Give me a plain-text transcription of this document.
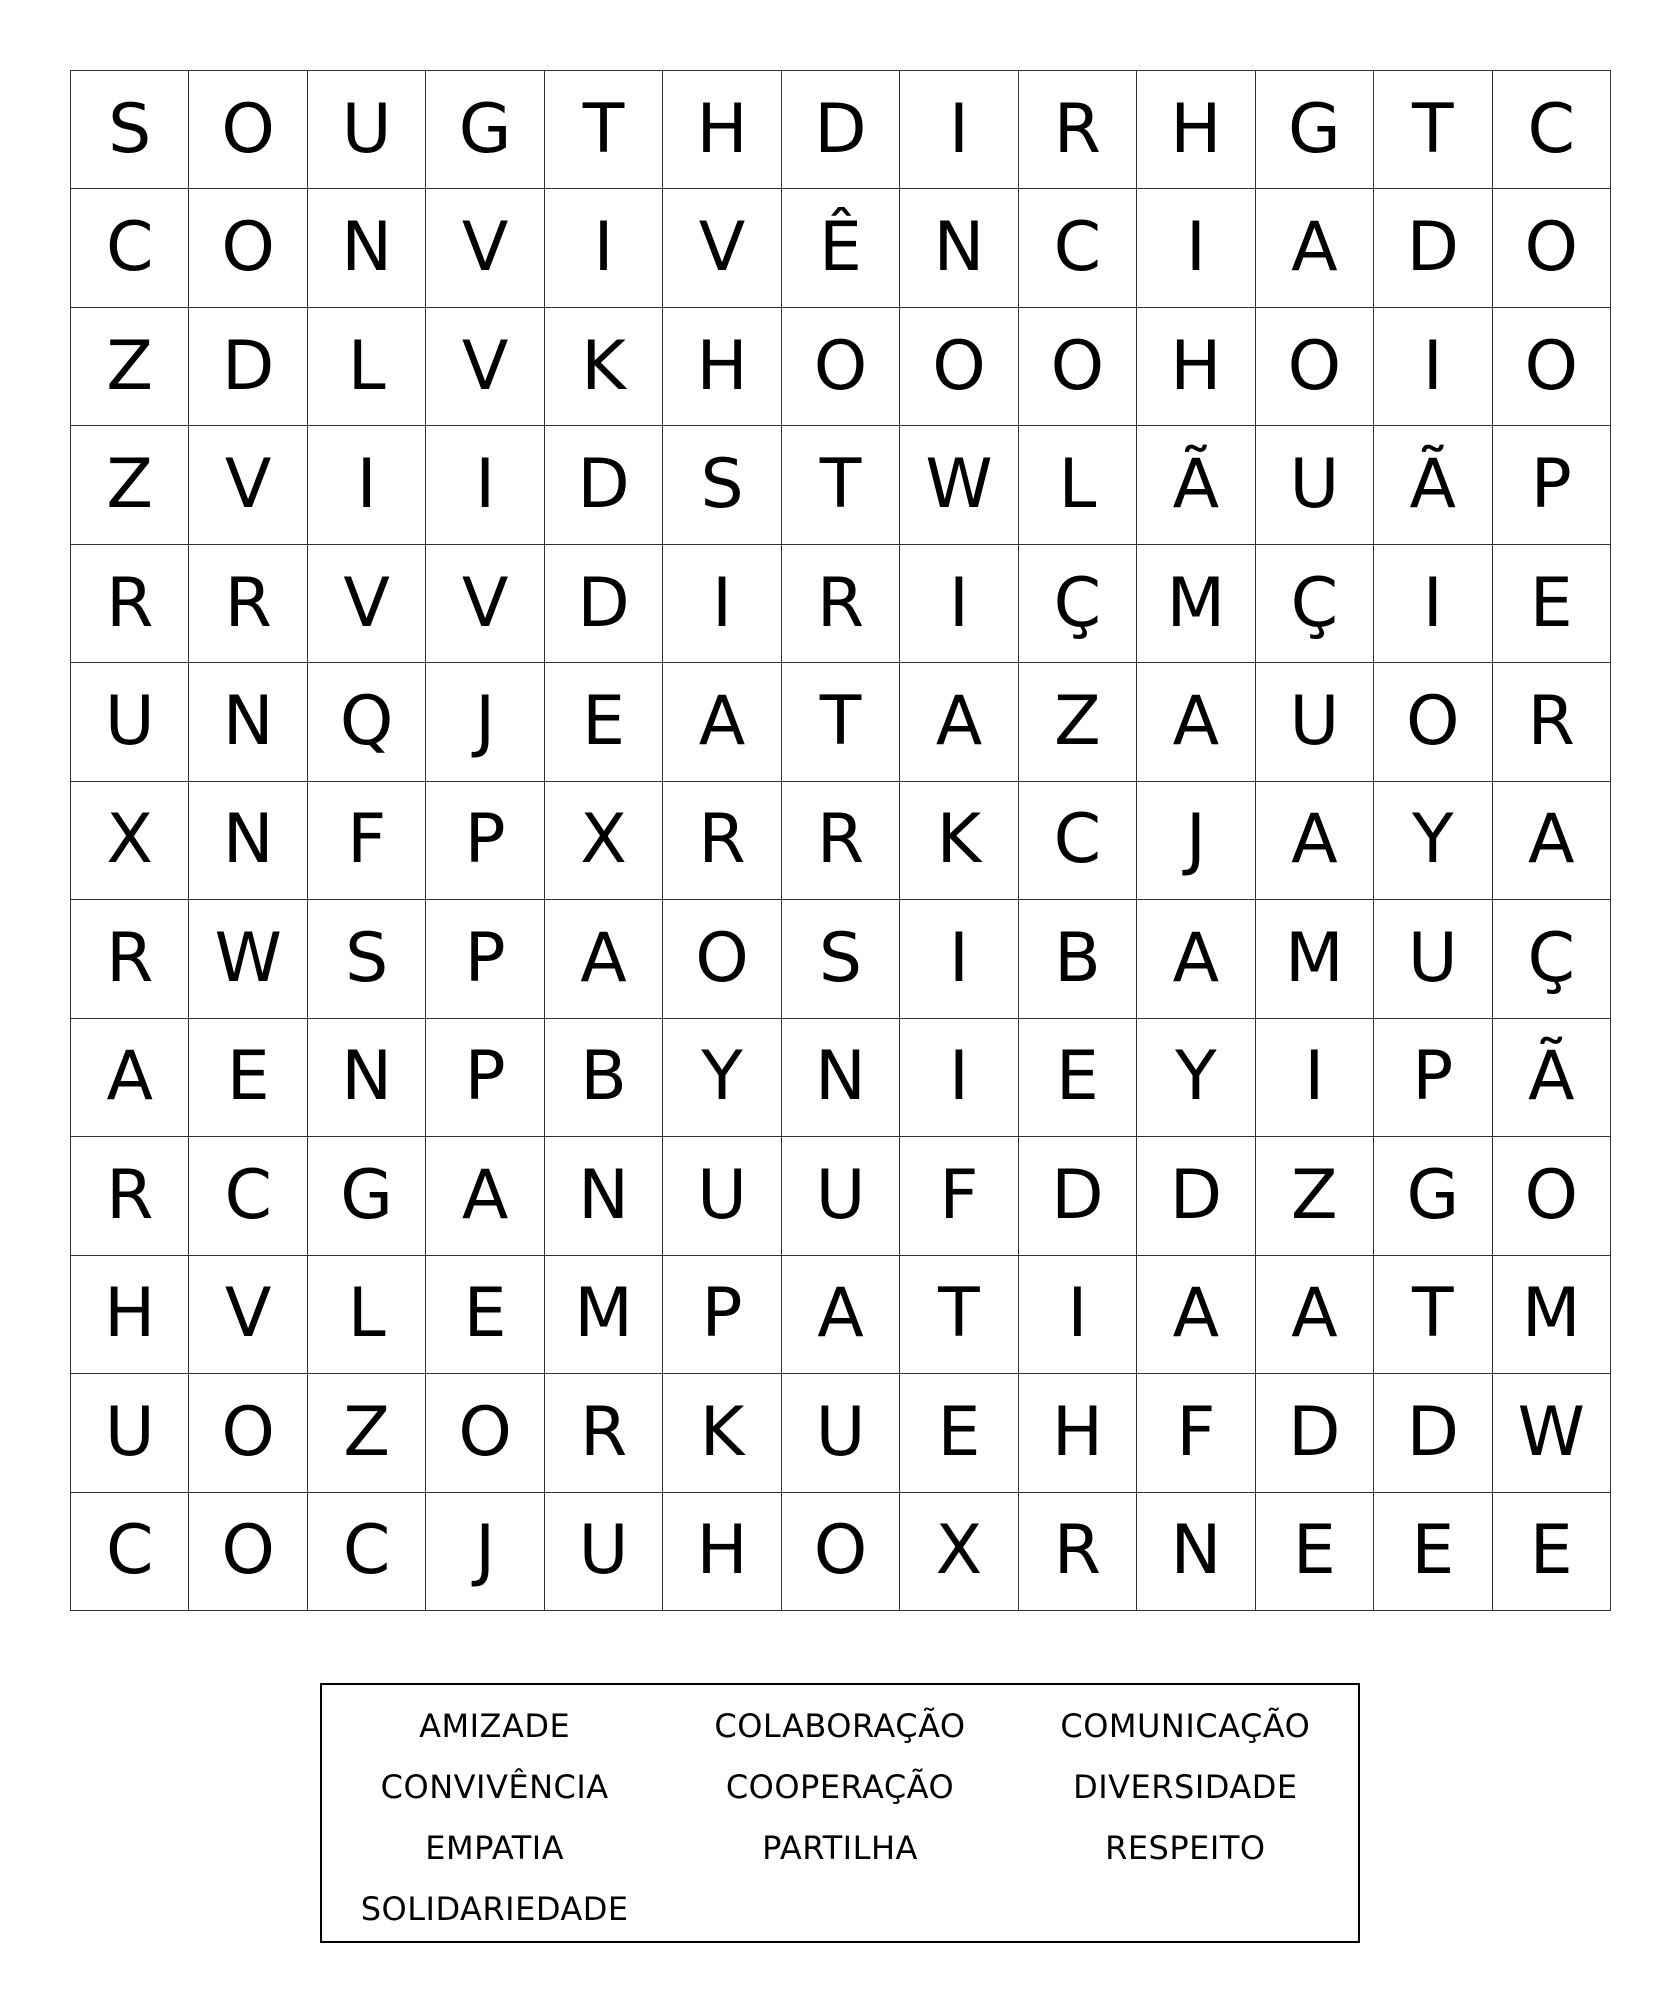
S	O U G	T	H D	I	R	H G	T	C
C O N	V	I	V	Ê	N	C	I	A	D O
Z	D	L	V	K	H O O O H O	I	O
Z	V	I	I	D	S	T W L	Ã	U	Ã	P
R	R	V	V	D	I	R	I	Ç M Ç	I	E
U	N Q	J	E	A	T	A	Z	A	U O	R
X	N	F	P	X	R	R	K	C	J	A	Y	A
R W S	P	A	O	S	I	B	A M U	Ç
A	E	N	P	B	Y	N	I	E	Y	I	P	Ã
R	C	G	A	N	U	U	F	D D	Z	G O
H	V	L	E M	P	A	T	I	A	A	T	M
U O	Z	O	R	K	U	E	H	F	D D W
C O C	J	U	H O	X	R	N	E	E	E
AMIZADE	COLABORAÇÃO	COMUNICAÇÃO
CONVIVÊNCIA	COOPERAÇÃO	DIVERSIDADE
EMPATIA	PARTILHA	RESPEITO
SOLIDARIEDADE
